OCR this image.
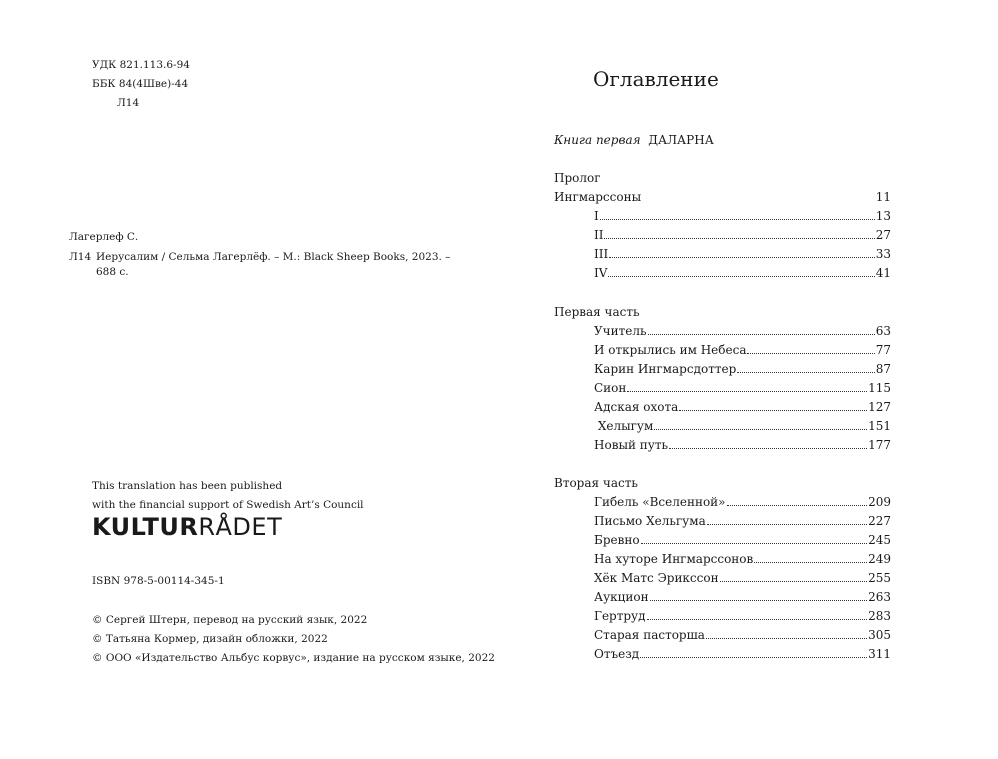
УДК 821.113.6-94
ББК 84(4Шве)-44
Л14
Лагерлеф С.
Л14 Иерусалим / Сельма Лагерлёф. – М.: Black Sheep Books, 2023. –
688 с.
This translation has been published
with the financial support of Swedish Art’s Council
KULTURRÅDET
ISBN 978-5-00114-345-1
© Сергей Штерн, перевод на русский язык, 2022
© Татьяна Кормер, дизайн обложки, 2022
© ООО «Издательство Альбус корвус», издание на русском языке, 2022
Оглавление
Книга первая ДАЛАРНА
Пролог
Ингмарссоны	11
I	13
II	27
III	33
IV	41
Первая часть
Учитель	63
И открылись им Небеса	77
Карин Ингмарсдоттер	87
Сион	115
Адская охота	127
Хелыгум	151
Новый путь	177
Вторая часть
Гибель «Вселенной»	209
Письмо Хельгума	227
Бревно	245
На хуторе Ингмарссонов	249
Хёк Матс Эрикссон	255
Аукцион	263
Гертруд	283
Старая пасторша	305
Отъезд	311
